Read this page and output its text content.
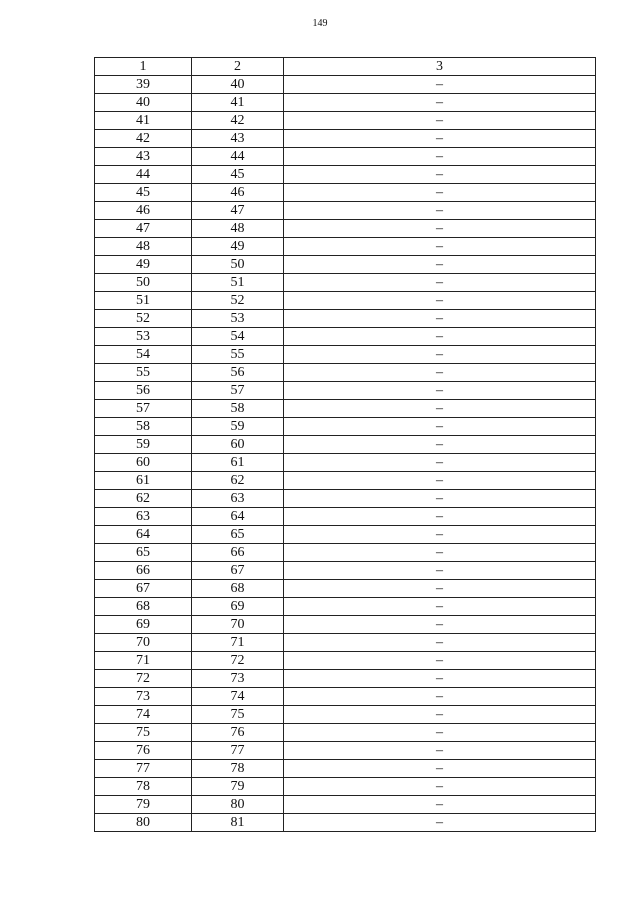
149
1	2	3
39	40	–
40	41	–
41	42	–
42	43	–
43	44	–
44	45	–
45	46	–
46	47	–
47	48	–
48	49	–
49	50	–
50	51	–
51	52	–
52	53	–
53	54	–
54	55	–
55	56	–
56	57	–
57	58	–
58	59	–
59	60	–
60	61	–
61	62	–
62	63	–
63	64	–
64	65	–
65	66	–
66	67	–
67	68	–
68	69	–
69	70	–
70	71	–
71	72	–
72	73	–
73	74	–
74	75	–
75	76	–
76	77	–
77	78	–
78	79	–
79	80	–
80	81	–
